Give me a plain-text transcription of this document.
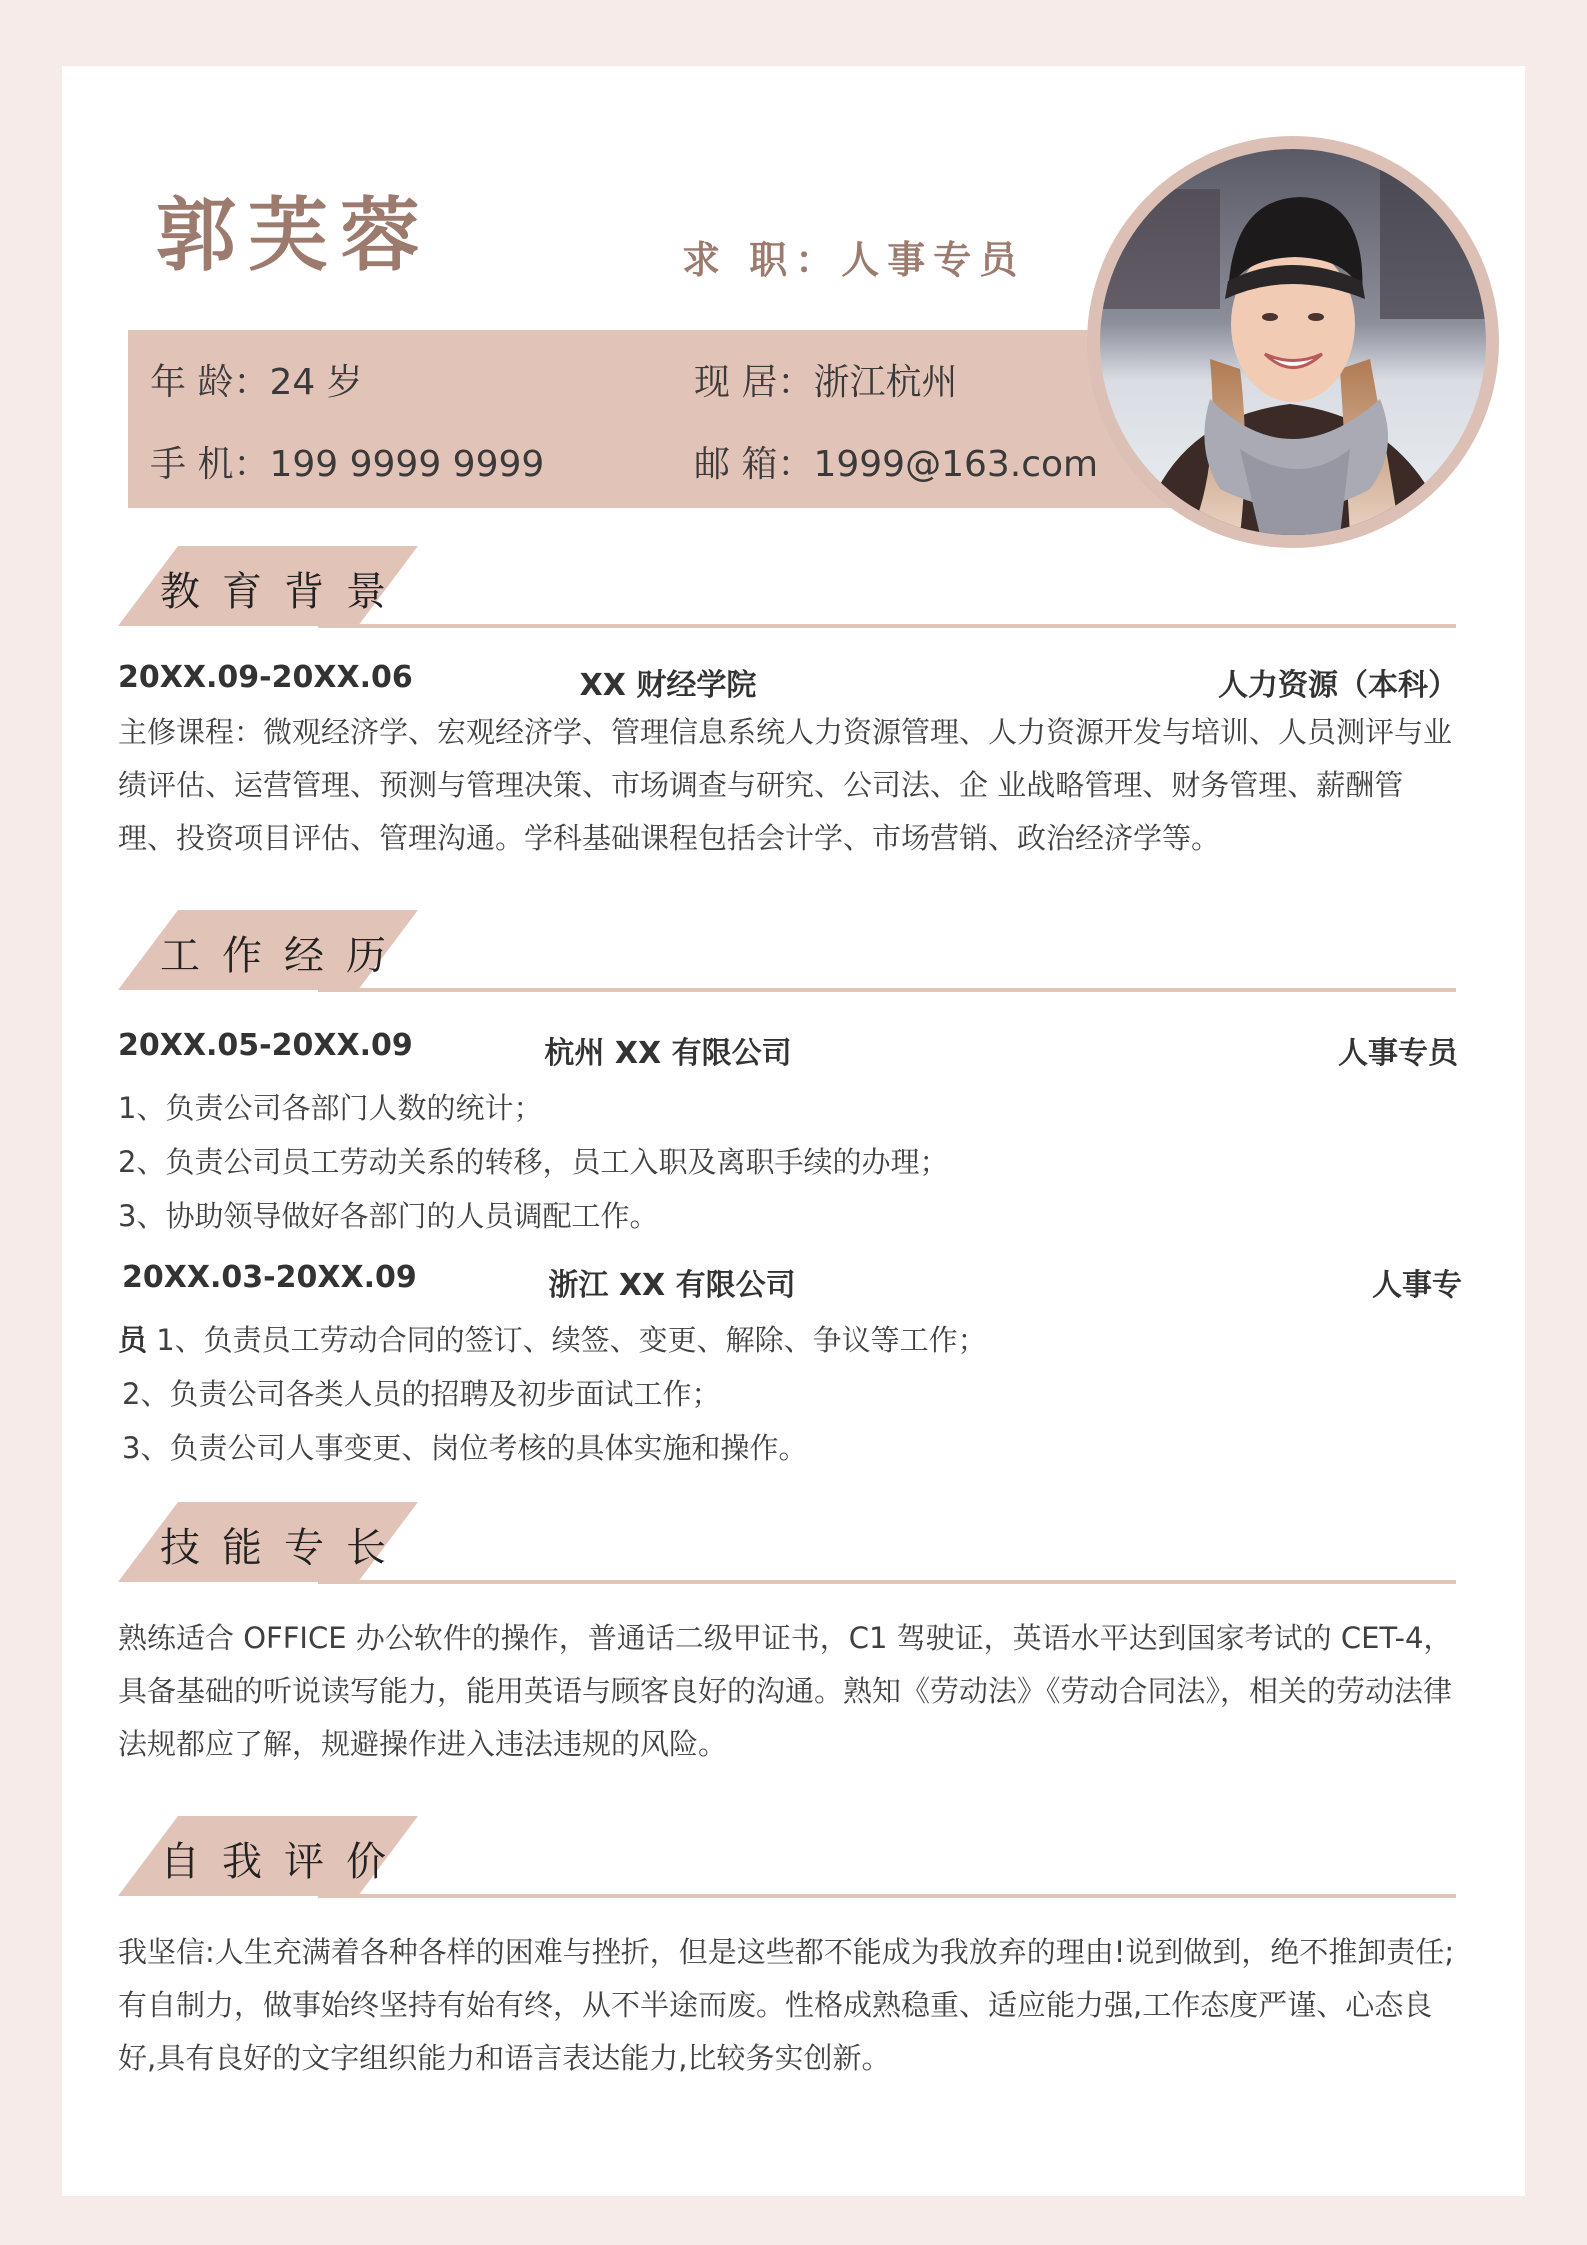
郭芙蓉	求 职：人事专员
年 龄：24 岁	现 居：浙江杭州
手 机：199 9999 9999	邮 箱：1999@163.com
教育背景
20XX.09-20XX.06	XX 财经学院	人力资源（本科）
主修课程：微观经济学、宏观经济学、管理信息系统人力资源管理、人力资源开发与培训、人员测评与业绩评估、运营管理、预测与管理决策、市场调查与研究、公司法、企 业战略管理、财务管理、薪酬管理、投资项目评估、管理沟通。学科基础课程包括会计学、市场营销、政治经济学等。
工作经历
20XX.05-20XX.09	杭州 XX 有限公司	人事专员
1、负责公司各部门人数的统计；
2、负责公司员工劳动关系的转移，员工入职及离职手续的办理；
3、协助领导做好各部门的人员调配工作。
20XX.03-20XX.09	浙江 XX 有限公司	人事专
员 1、负责员工劳动合同的签订、续签、变更、解除、争议等工作；
2、负责公司各类人员的招聘及初步面试工作；
3、负责公司人事变更、岗位考核的具体实施和操作。
技能专长
熟练适合 OFFICE 办公软件的操作，普通话二级甲证书，C1 驾驶证，英语水平达到国家考试的 CET-4，具备基础的听说读写能力，能用英语与顾客良好的沟通。熟知《劳动法》《劳动合同法》，相关的劳动法律法规都应了解，规避操作进入违法违规的风险。
自我评价
我坚信:人生充满着各种各样的困难与挫折，但是这些都不能成为我放弃的理由!说到做到，绝不推卸责任;有自制力，做事始终坚持有始有终，从不半途而废。性格成熟稳重、适应能力强,工作态度严谨、心态良好,具有良好的文字组织能力和语言表达能力,比较务实创新。
